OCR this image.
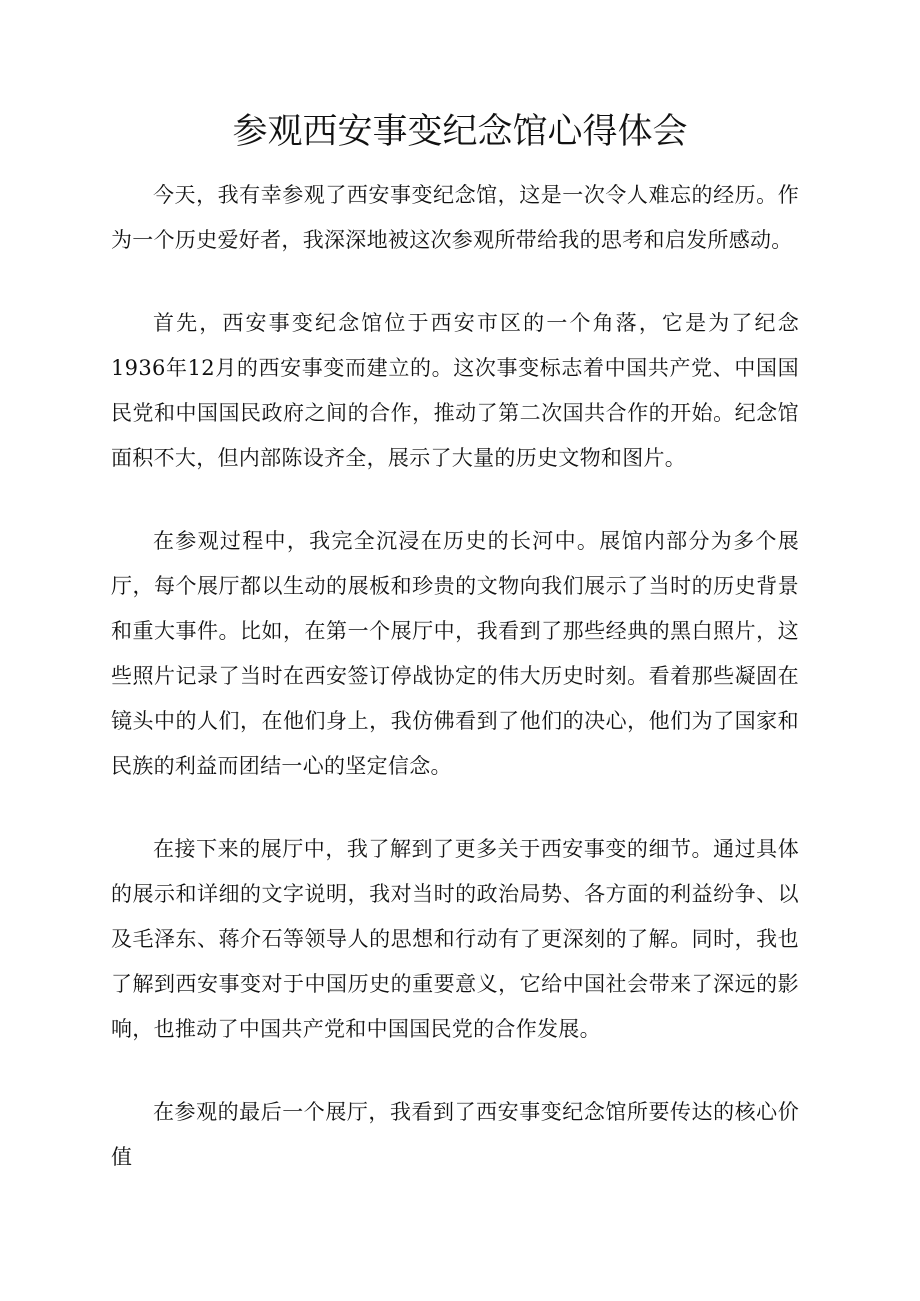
参观西安事变纪念馆心得体会

今天，我有幸参观了西安事变纪念馆，这是一次令人难忘的经历。作为一个历史爱好者，我深深地被这次参观所带给我的思考和启发所感动。

首先，西安事变纪念馆位于西安市区的一个角落，它是为了纪念1936年12月的西安事变而建立的。这次事变标志着中国共产党、中国国民党和中国国民政府之间的合作，推动了第二次国共合作的开始。纪念馆面积不大，但内部陈设齐全，展示了大量的历史文物和图片。

在参观过程中，我完全沉浸在历史的长河中。展馆内部分为多个展厅，每个展厅都以生动的展板和珍贵的文物向我们展示了当时的历史背景和重大事件。比如，在第一个展厅中，我看到了那些经典的黑白照片，这些照片记录了当时在西安签订停战协定的伟大历史时刻。看着那些凝固在镜头中的人们，在他们身上，我仿佛看到了他们的决心，他们为了国家和民族的利益而团结一心的坚定信念。

在接下来的展厅中，我了解到了更多关于西安事变的细节。通过具体的展示和详细的文字说明，我对当时的政治局势、各方面的利益纷争、以及毛泽东、蒋介石等领导人的思想和行动有了更深刻的了解。同时，我也了解到西安事变对于中国历史的重要意义，它给中国社会带来了深远的影响，也推动了中国共产党和中国国民党的合作发展。

在参观的最后一个展厅，我看到了西安事变纪念馆所要传达的核心价值
